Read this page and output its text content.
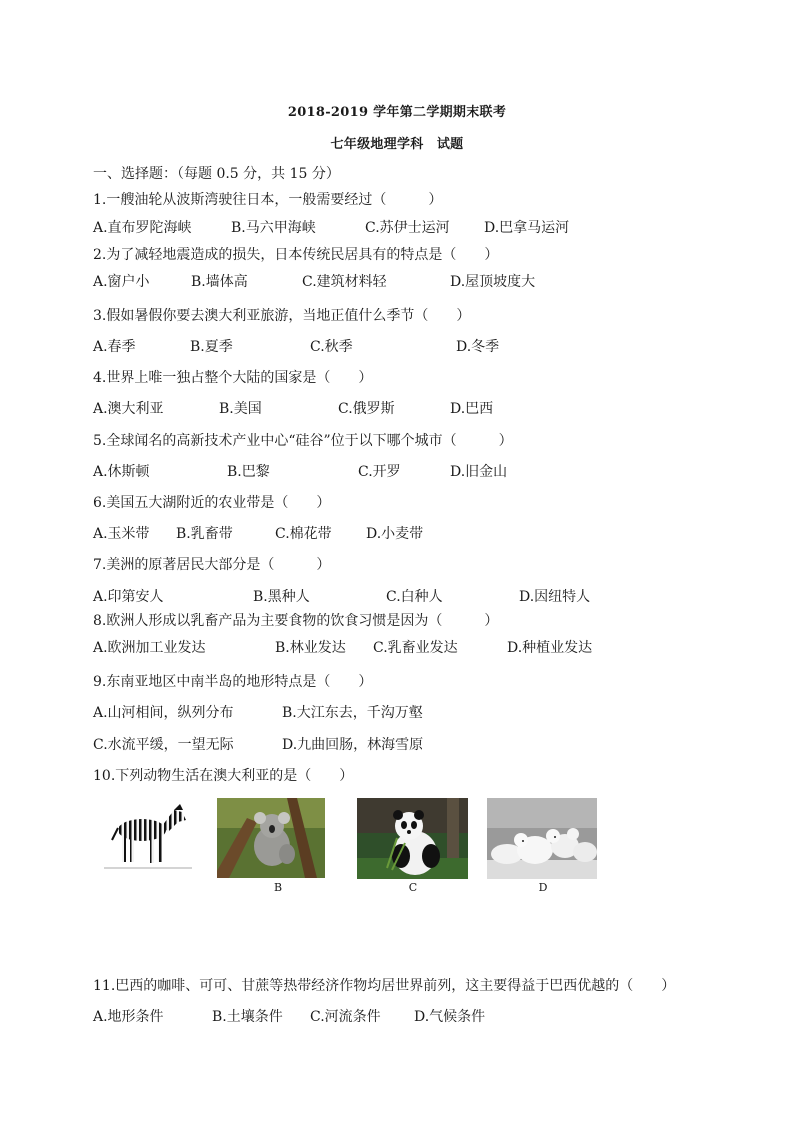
2018-2019 学年第二学期期末联考
七年级地理学科　试题
一、选择题：（每题 0.5 分，共 15 分）
1.一艘油轮从波斯湾驶往日本，一般需要经过（　　　）
A.直布罗陀海峡	B.马六甲海峡	C.苏伊士运河 D.巴拿马运河
2.为了减轻地震造成的损失，日本传统民居具有的特点是（　　）
A.窗户小	B.墙体高	C.建筑材料轻	D.屋顶坡度大
3.假如暑假你要去澳大利亚旅游，当地正值什么季节（　　）
A.春季	B.夏季	C.秋季	D.冬季
4.世界上唯一独占整个大陆的国家是（　　）
A.澳大利亚	B.美国	C.俄罗斯	D.巴西
5.全球闻名的高新技术产业中心“硅谷”位于以下哪个城市（　　　）
A.休斯顿	B.巴黎	C.开罗	D.旧金山
6.美国五大湖附近的农业带是（　　）
A.玉米带 B.乳畜带	C.棉花带 D.小麦带
7.美洲的原著居民大部分是（　　　）
A.印第安人	B.黑种人	C.白种人	D.因纽特人
8.欧洲人形成以乳畜产品为主要食物的饮食习惯是因为（　　　）
A.欧洲加工业发达	B.林业发达 C.乳畜业发达	D.种植业发达
9.东南亚地区中南半岛的地形特点是（　　）
A.山河相间，纵列分布	B.大江东去，千沟万壑
C.水流平缓，一望无际	D.九曲回肠，林海雪原
10.下列动物生活在澳大利亚的是（　　）
B	C	D
11.巴西的咖啡、可可、甘蔗等热带经济作物均居世界前列，这主要得益于巴西优越的（　　）
A.地形条件	B.土壤条件 C.河流条件 D.气候条件
